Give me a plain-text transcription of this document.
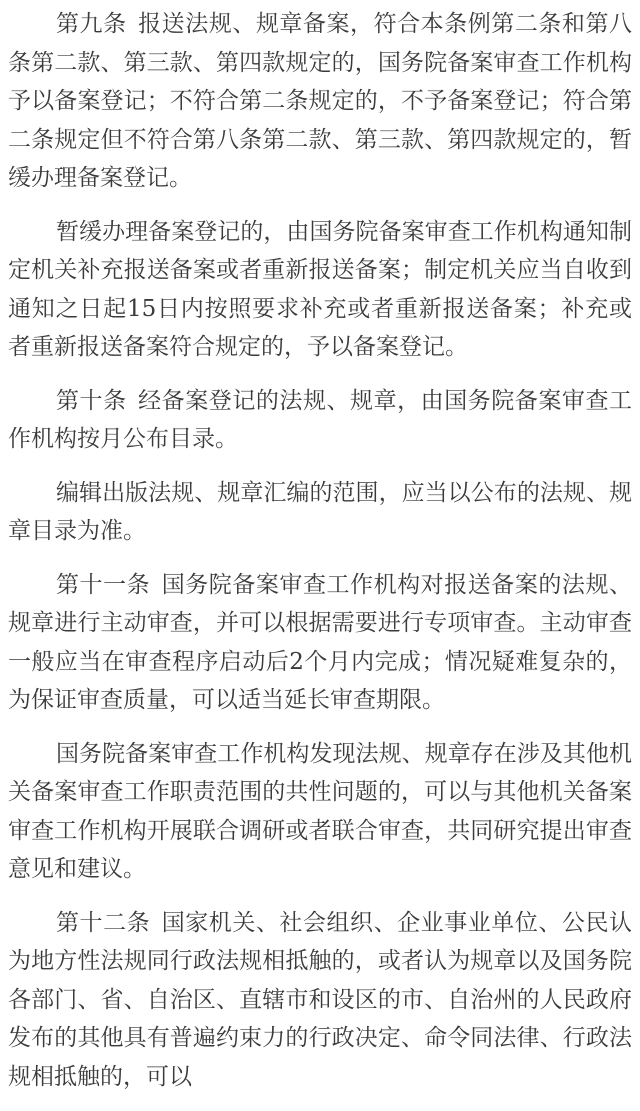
第九条 报送法规、规章备案，符合本条例第二条和第八条第二款、第三款、第四款规定的，国务院备案审查工作机构予以备案登记；不符合第二条规定的，不予备案登记；符合第二条规定但不符合第八条第二款、第三款、第四款规定的，暂缓办理备案登记。

暂缓办理备案登记的，由国务院备案审查工作机构通知制定机关补充报送备案或者重新报送备案；制定机关应当自收到通知之日起15日内按照要求补充或者重新报送备案；补充或者重新报送备案符合规定的，予以备案登记。

第十条 经备案登记的法规、规章，由国务院备案审查工作机构按月公布目录。

编辑出版法规、规章汇编的范围，应当以公布的法规、规章目录为准。

第十一条 国务院备案审查工作机构对报送备案的法规、规章进行主动审查，并可以根据需要进行专项审查。主动审查一般应当在审查程序启动后2个月内完成；情况疑难复杂的，为保证审查质量，可以适当延长审查期限。

国务院备案审查工作机构发现法规、规章存在涉及其他机关备案审查工作职责范围的共性问题的，可以与其他机关备案审查工作机构开展联合调研或者联合审查，共同研究提出审查意见和建议。

第十二条 国家机关、社会组织、企业事业单位、公民认为地方性法规同行政法规相抵触的，或者认为规章以及国务院各部门、省、自治区、直辖市和设区的市、自治州的人民政府发布的其他具有普遍约束力的行政决定、命令同法律、行政法规相抵触的，可以
